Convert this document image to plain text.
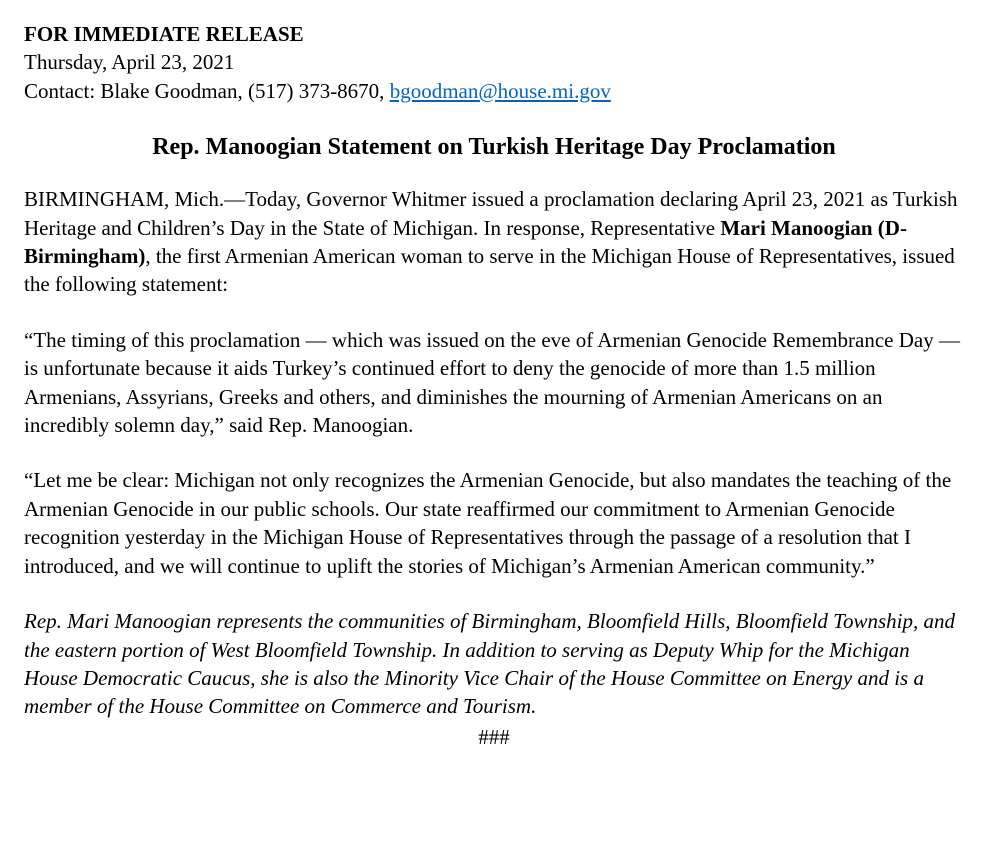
FOR IMMEDIATE RELEASE

Thursday, April 23, 2021

Contact: Blake Goodman, (517) 373-8670, bgoodman@house.mi.gov

Rep. Manoogian Statement on Turkish Heritage Day Proclamation

BIRMINGHAM, Mich.—Today, Governor Whitmer issued a proclamation declaring April 23, 2021 as Turkish Heritage and Children’s Day in the State of Michigan. In response, Representative Mari Manoogian (D-Birmingham), the first Armenian American woman to serve in the Michigan House of Representatives, issued the following statement:

“The timing of this proclamation — which was issued on the eve of Armenian Genocide Remembrance Day — is unfortunate because it aids Turkey’s continued effort to deny the genocide of more than 1.5 million Armenians, Assyrians, Greeks and others, and diminishes the mourning of Armenian Americans on an incredibly solemn day,” said Rep. Manoogian.

“Let me be clear: Michigan not only recognizes the Armenian Genocide, but also mandates the teaching of the Armenian Genocide in our public schools. Our state reaffirmed our commitment to Armenian Genocide recognition yesterday in the Michigan House of Representatives through the passage of a resolution that I introduced, and we will continue to uplift the stories of Michigan’s Armenian American community.”

Rep. Mari Manoogian represents the communities of Birmingham, Bloomfield Hills, Bloomfield Township, and the eastern portion of West Bloomfield Township. In addition to serving as Deputy Whip for the Michigan House Democratic Caucus, she is also the Minority Vice Chair of the House Committee on Energy and is a member of the House Committee on Commerce and Tourism.

###
